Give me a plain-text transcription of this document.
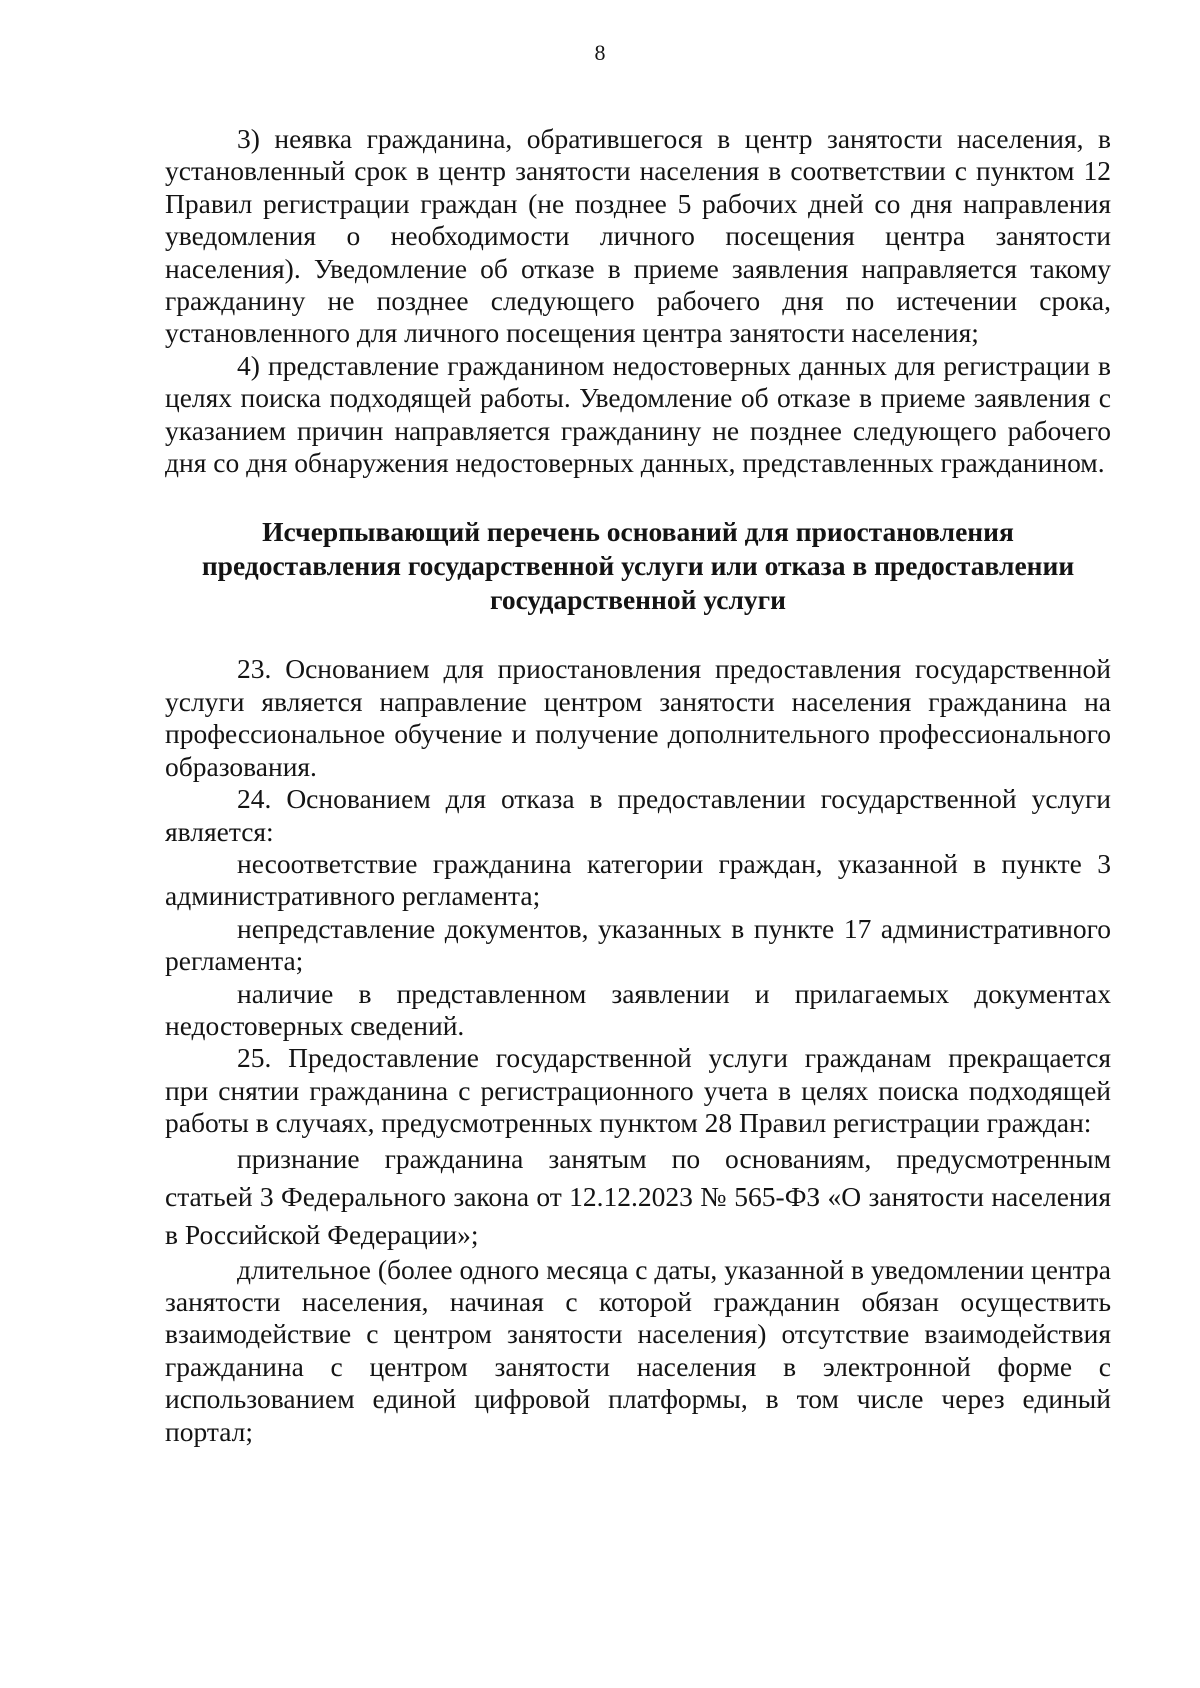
8

3) неявка гражданина, обратившегося в центр занятости населения, в установленный срок в центр занятости населения в соответствии с пунктом 12 Правил регистрации граждан (не позднее 5 рабочих дней со дня направления уведомления о необходимости личного посещения центра занятости населения). Уведомление об отказе в приеме заявления направляется такому гражданину не позднее следующего рабочего дня по истечении срока, установленного для личного посещения центра занятости населения;

4) представление гражданином недостоверных данных для регистрации в целях поиска подходящей работы. Уведомление об отказе в приеме заявления с указанием причин направляется гражданину не позднее следующего рабочего дня со дня обнаружения недостоверных данных, представленных гражданином.

Исчерпывающий перечень оснований для приостановления предоставления государственной услуги или отказа в предоставлении государственной услуги

23. Основанием для приостановления предоставления государственной услуги является направление центром занятости населения гражданина на профессиональное обучение и получение дополнительного профессионального образования.

24. Основанием для отказа в предоставлении государственной услуги является:

несоответствие гражданина категории граждан, указанной в пункте 3 административного регламента;

непредставление документов, указанных в пункте 17 административного регламента;

наличие в представленном заявлении и прилагаемых документах недостоверных сведений.

25. Предоставление государственной услуги гражданам прекращается при снятии гражданина с регистрационного учета в целях поиска подходящей работы в случаях, предусмотренных пунктом 28 Правил регистрации граждан:

признание гражданина занятым по основаниям, предусмотренным статьей 3 Федерального закона от 12.12.2023 № 565-ФЗ «О занятости населения в Российской Федерации»;

длительное (более одного месяца с даты, указанной в уведомлении центра занятости населения, начиная с которой гражданин обязан осуществить взаимодействие с центром занятости населения) отсутствие взаимодействия гражданина с центром занятости населения в электронной форме с использованием единой цифровой платформы, в том числе через единый портал;
